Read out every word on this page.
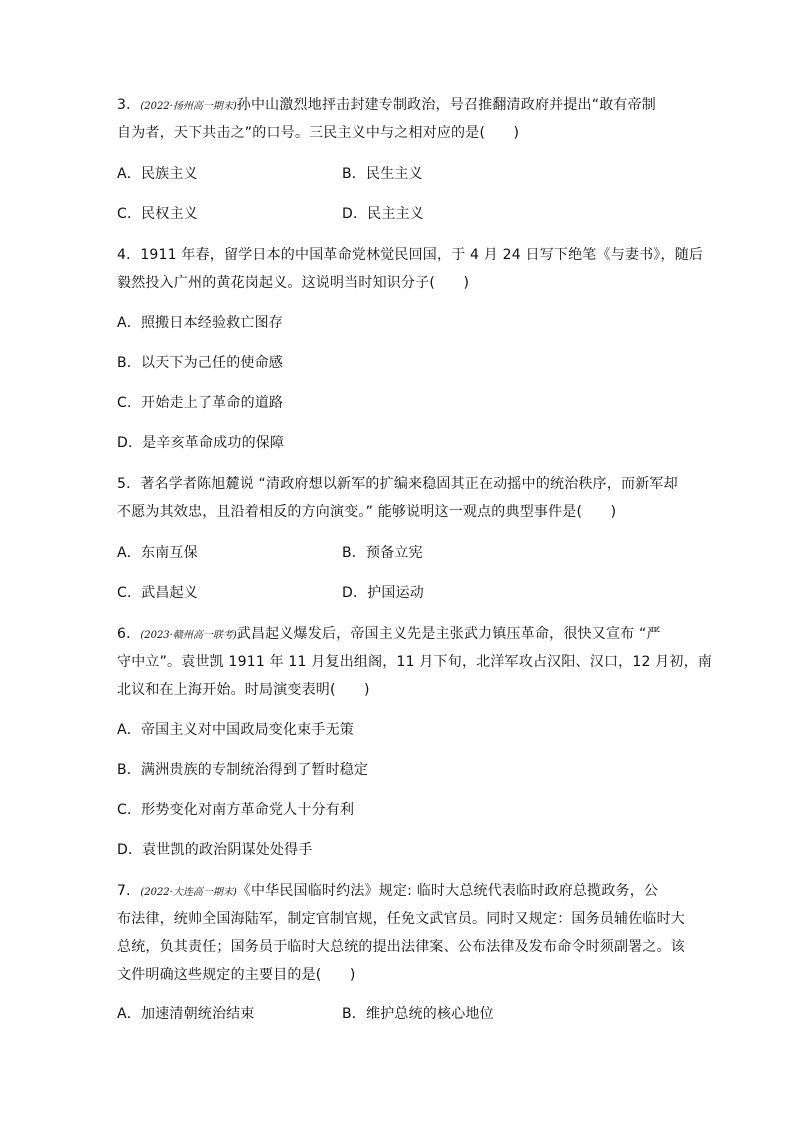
3．(2022·扬州高一期末)孙中山激烈地抨击封建专制政治，号召推翻清政府并提出“敢有帝制
自为者，天下共击之”的口号。三民主义中与之相对应的是(　　)
A．民族主义	B．民生主义
C．民权主义	D．民主主义
4．1911 年春，留学日本的中国革命党林觉民回国，于 4 月 24 日写下绝笔《与妻书》，随后
毅然投入广州的黄花岗起义。这说明当时知识分子(　　)
A．照搬日本经验救亡图存
B．以天下为己任的使命感
C．开始走上了革命的道路
D．是辛亥革命成功的保障
5．著名学者陈旭麓说 “清政府想以新军的扩编来稳固其正在动摇中的统治秩序，而新军却
不愿为其效忠，且沿着相反的方向演变。” 能够说明这一观点的典型事件是(　　)
A．东南互保	B．预备立宪
C．武昌起义	D．护国运动
6．(2023·赣州高一联考)武昌起义爆发后，帝国主义先是主张武力镇压革命，很快又宣布 “严
守中立”。袁世凯 1911 年 11 月复出组阁，11 月下旬，北洋军攻占汉阳、汉口，12 月初，南
北议和在上海开始。时局演变表明(　　)
A．帝国主义对中国政局变化束手无策
B．满洲贵族的专制统治得到了暂时稳定
C．形势变化对南方革命党人十分有利
D．袁世凯的政治阴谋处处得手
7．(2022·大连高一期末)《中华民国临时约法》规定: 临时大总统代表临时政府总揽政务，公
布法律，统帅全国海陆军，制定官制官规，任免文武官员。同时又规定：国务员辅佐临时大
总统，负其责任；国务员于临时大总统的提出法律案、公布法律及发布命令时须副署之。该
文件明确这些规定的主要目的是(　　)
A．加速清朝统治结束	B．维护总统的核心地位
